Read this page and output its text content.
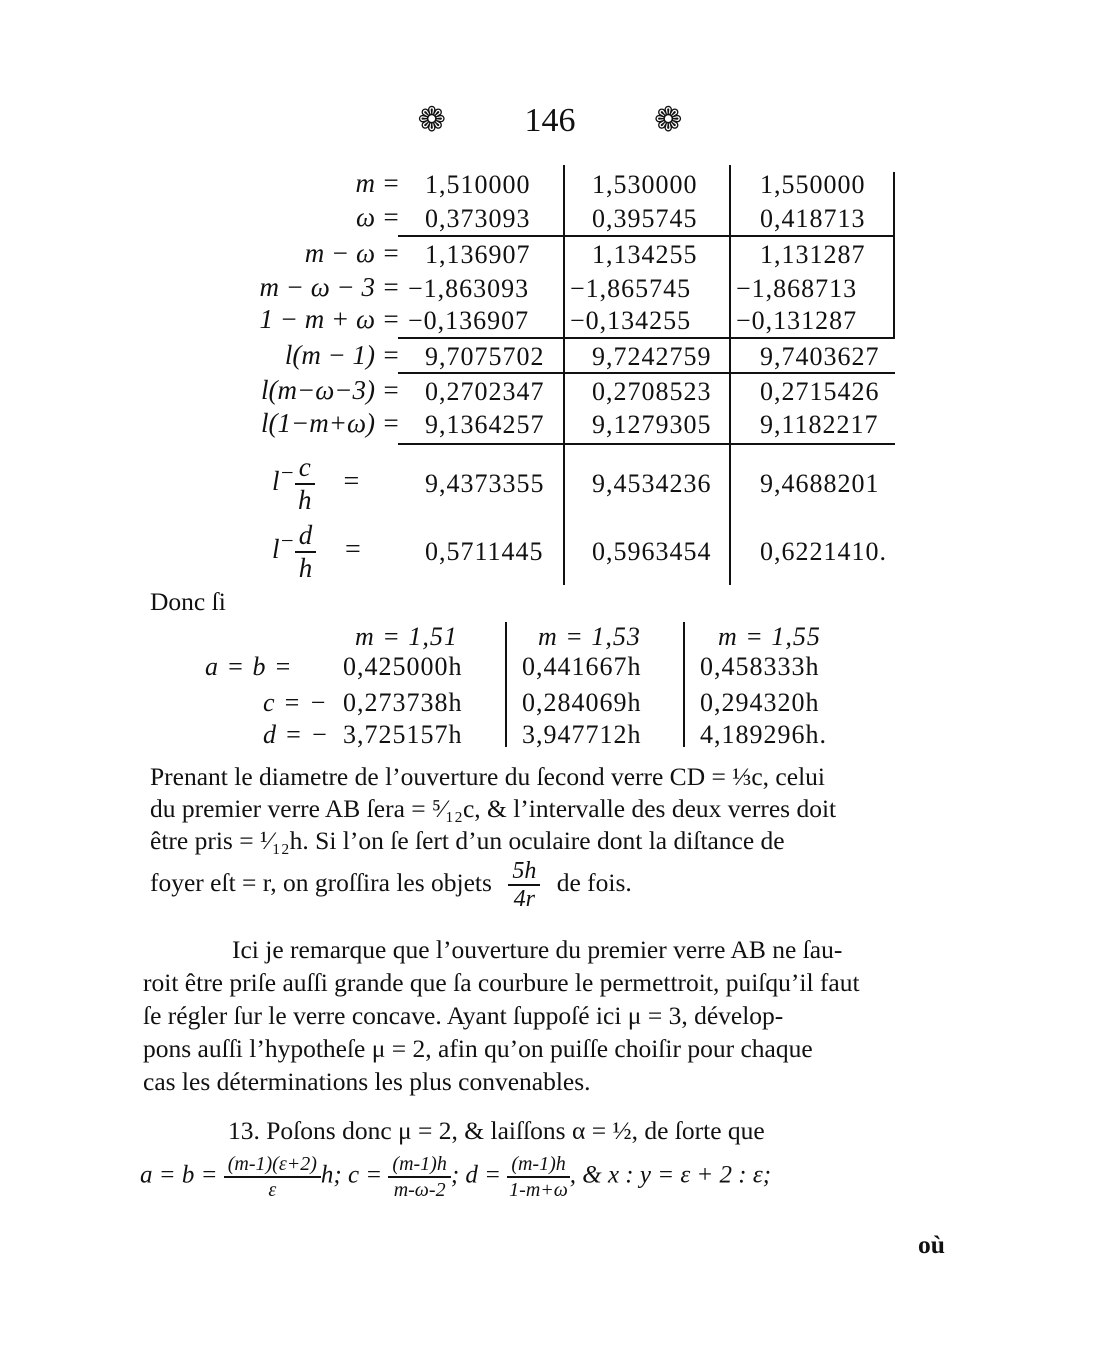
❁ 146 ❁
m =
ω =
m − ω =
m − ω − 3 =
1 − m + ω =
l(m − 1) =
l(m−ω−3) =
l(1−m+ω) =
$l^- \frac{c}{h}$ =
$l^- \frac{d}{h}$ =
1,510000
0,373093
1,136907
−1,863093
−0,136907
9,7075702
0,2702347
9,1364257
9,4373355
0,5711445
1,530000
0,395745
1,134255
−1,865745
−0,134255
9,7242759
0,2708523
9,1279305
9,4534236
0,5963454
1,550000
0,418713
1,131287
−1,868713
−0,131287
9,7403627
0,2715426
9,1182217
9,4688201
0,6221410.
Donc ſi
m = 1,51	m = 1,53	m = 1,55
a = b =
c = −
d = −
0,425000h
0,273738h
3,725157h
0,441667h
0,284069h
3,947712h
0,458333h
0,294320h
4,189296h.
Prenant le diametre de l’ouverture du ſecond verre CD = ⅓c, celui
du premier verre AB ſera = ⁵⁄₁₂c, & l’intervalle des deux verres doit
être pris = ¹⁄₁₂h. Si l’on ſe ſert d’un oculaire dont la diſtance de
foyer eſt = r, on groſſira les objets $\frac{5h}{4r}$ de fois.
Ici je remarque que l’ouverture du premier verre AB ne ſau-
roit être priſe auſſi grande que ſa courbure le permettroit, puiſqu’il faut
ſe régler ſur le verre concave. Ayant ſuppoſé ici μ = 3, dévelop-
pons auſſi l’hypotheſe μ = 2, afin qu’on puiſſe choiſir pour chaque
cas les déterminations les plus convenables.
13. Poſons donc μ = 2, & laiſſons α = ½, de ſorte que
$a = b = \frac{(m-1)(\varepsilon+2)}{\varepsilon} h$; $c = \frac{(m-1)h}{m-\omega-2}$ ; $d = \frac{(m-1)h}{1-m+\omega}$ , & x : y = ε + 2 : ε;
où
